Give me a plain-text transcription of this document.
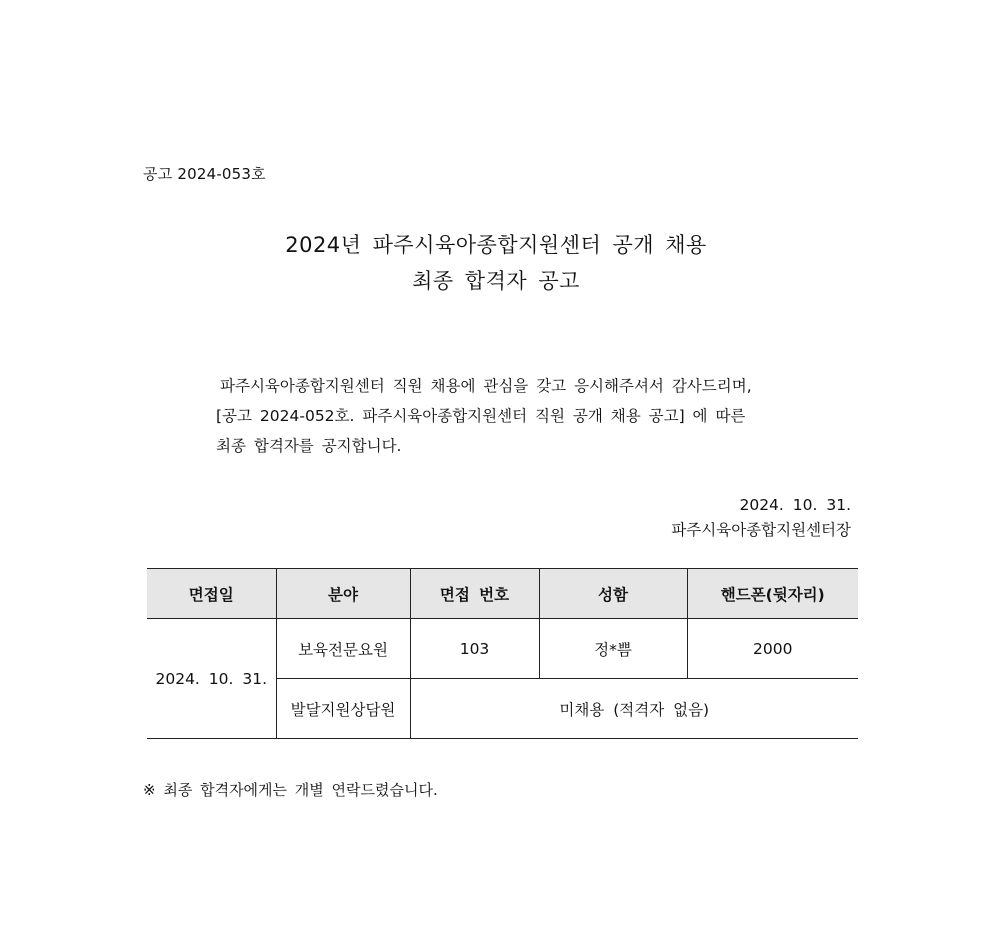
공고 2024-053호
2024년 파주시육아종합지원센터 공개 채용
최종 합격자 공고
파주시육아종합지원센터 직원 채용에 관심을 갖고 응시해주셔서 감사드리며,
[공고 2024-052호. 파주시육아종합지원센터 직원 공개 채용 공고] 에 따른
최종 합격자를 공지합니다.
2024. 10. 31.
파주시육아종합지원센터장
면접일	분야	면접 번호	성함	핸드폰(뒷자리)
2024. 10. 31.	보육전문요원	103	정*쁨	2000
	발달지원상담원	미채용 (적격자 없음)		
※ 최종 합격자에게는 개별 연락드렸습니다.
